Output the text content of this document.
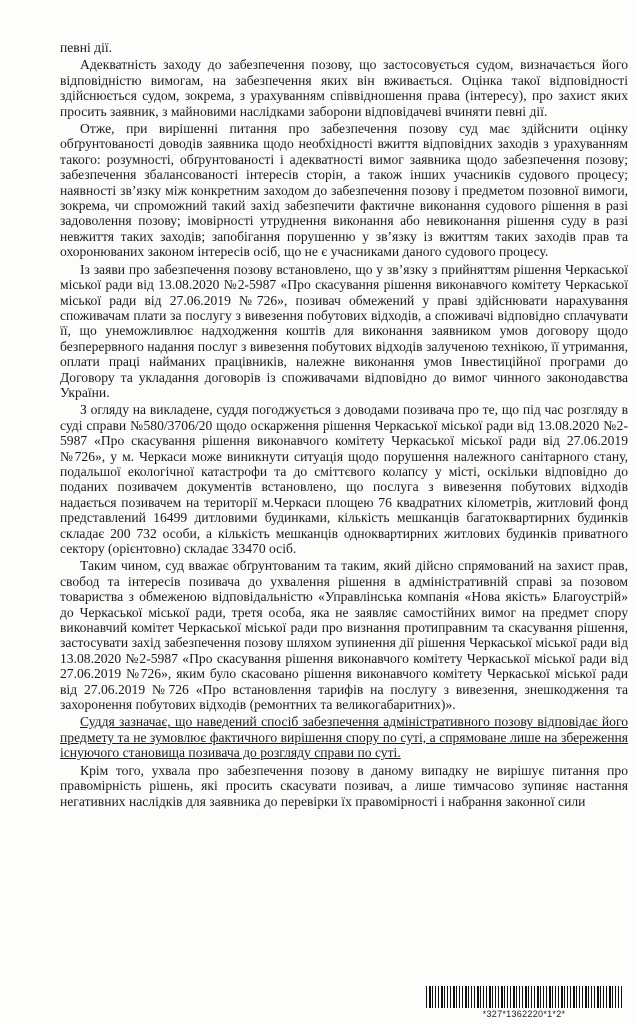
певні дії.

Адекватність заходу до забезпечення позову, що застосовується судом, визначається його відповідністю вимогам, на забезпечення яких він вживається. Оцінка такої відповідності здійснюється судом, зокрема, з урахуванням співвідношення права (інтересу), про захист яких просить заявник, з майновими наслідками заборони відповідачеві вчиняти певні дії.

Отже, при вирішенні питання про забезпечення позову суд має здійснити оцінку обґрунтованості доводів заявника щодо необхідності вжиття відповідних заходів з урахуванням такого: розумності, обґрунтованості і адекватності вимог заявника щодо забезпечення позову; забезпечення збалансованості інтересів сторін, а також інших учасників судового процесу; наявності зв’язку між конкретним заходом до забезпечення позову і предметом позовної вимоги, зокрема, чи спроможний такий захід забезпечити фактичне виконання судового рішення в разі задоволення позову; імовірності утруднення виконання або невиконання рішення суду в разі невжиття таких заходів; запобігання порушенню у зв’язку із вжиттям таких заходів прав та охоронюваних законом інтересів осіб, що не є учасниками даного судового процесу.

Із заяви про забезпечення позову встановлено, що у зв’язку з прийняттям рішення Черкаської міської ради від 13.08.2020 №2-5987 «Про скасування рішення виконавчого комітету Черкаської міської ради від 27.06.2019 №726», позивач обмежений у праві здійснювати нарахування споживачам плати за послугу з вивезення побутових відходів, а споживачі відповідно сплачувати її, що унеможливлює надходження коштів для виконання заявником умов договору щодо безперервного надання послуг з вивезення побутових відходів залученою технікою, її утримання, оплати праці найманих працівників, належне виконання умов Інвестиційної програми до Договору та укладання договорів із споживачами відповідно до вимог чинного законодавства України.

З огляду на викладене, суддя погоджується з доводами позивача про те, що під час розгляду в суді справи №580/3706/20 щодо оскарження рішення Черкаської міської ради від 13.08.2020 №2-5987 «Про скасування рішення виконавчого комітету Черкаської міської ради від 27.06.2019 №726», у м. Черкаси може виникнути ситуація щодо порушення належного санітарного стану, подальшої екологічної катастрофи та до сміттєвого колапсу у місті, оскільки відповідно до поданих позивачем документів встановлено, що послуга з вивезення побутових відходів надається позивачем на території м.Черкаси площею 76 квадратних кілометрів, житловий фонд представлений 16499 дитловими будинками, кількість мешканців багатоквартирних будинків складає 200 732 особи, а кількість мешканців одноквартирних житлових будинків приватного сектору (орієнтовно) складає 33470 осіб.

Таким чином, суд вважає обґрунтованим та таким, який дійсно спрямований на захист прав, свобод та інтересів позивача до ухвалення рішення в адміністративній справі за позовом товариства з обмеженою відповідальністю «Управлінська компанія «Нова якість» Благоустрій» до Черкаської міської ради, третя особа, яка не заявляє самостійних вимог на предмет спору виконавчий комітет Черкаської міської ради про визнання протиправним та скасування рішення, застосувати захід забезпечення позову шляхом зупинення дії рішення Черкаської міської ради від 13.08.2020 №2-5987 «Про скасування рішення виконавчого комітету Черкаської міської ради від 27.06.2019 №726», яким було скасовано рішення виконавчого комітету Черкаської міської ради від 27.06.2019 №726 «Про встановлення тарифів на послугу з вивезення, знешкодження та захоронення побутових відходів (ремонтних та великогабаритних)».

Суддя зазначає, що наведений спосіб забезпечення адміністративного позову відповідає його предмету та не зумовлює фактичного вирішення спору по суті, а спрямоване лише на збереження існуючого становища позивача до розгляду справи по суті.

Крім того, ухвала про забезпечення позову в даному випадку не вирішує питання про правомірність рішень, які просить скасувати позивач, а лише тимчасово зупиняє настання негативних наслідків для заявника до перевірки їх правомірності і набрання законної сили

*327*1362220*1*2*
